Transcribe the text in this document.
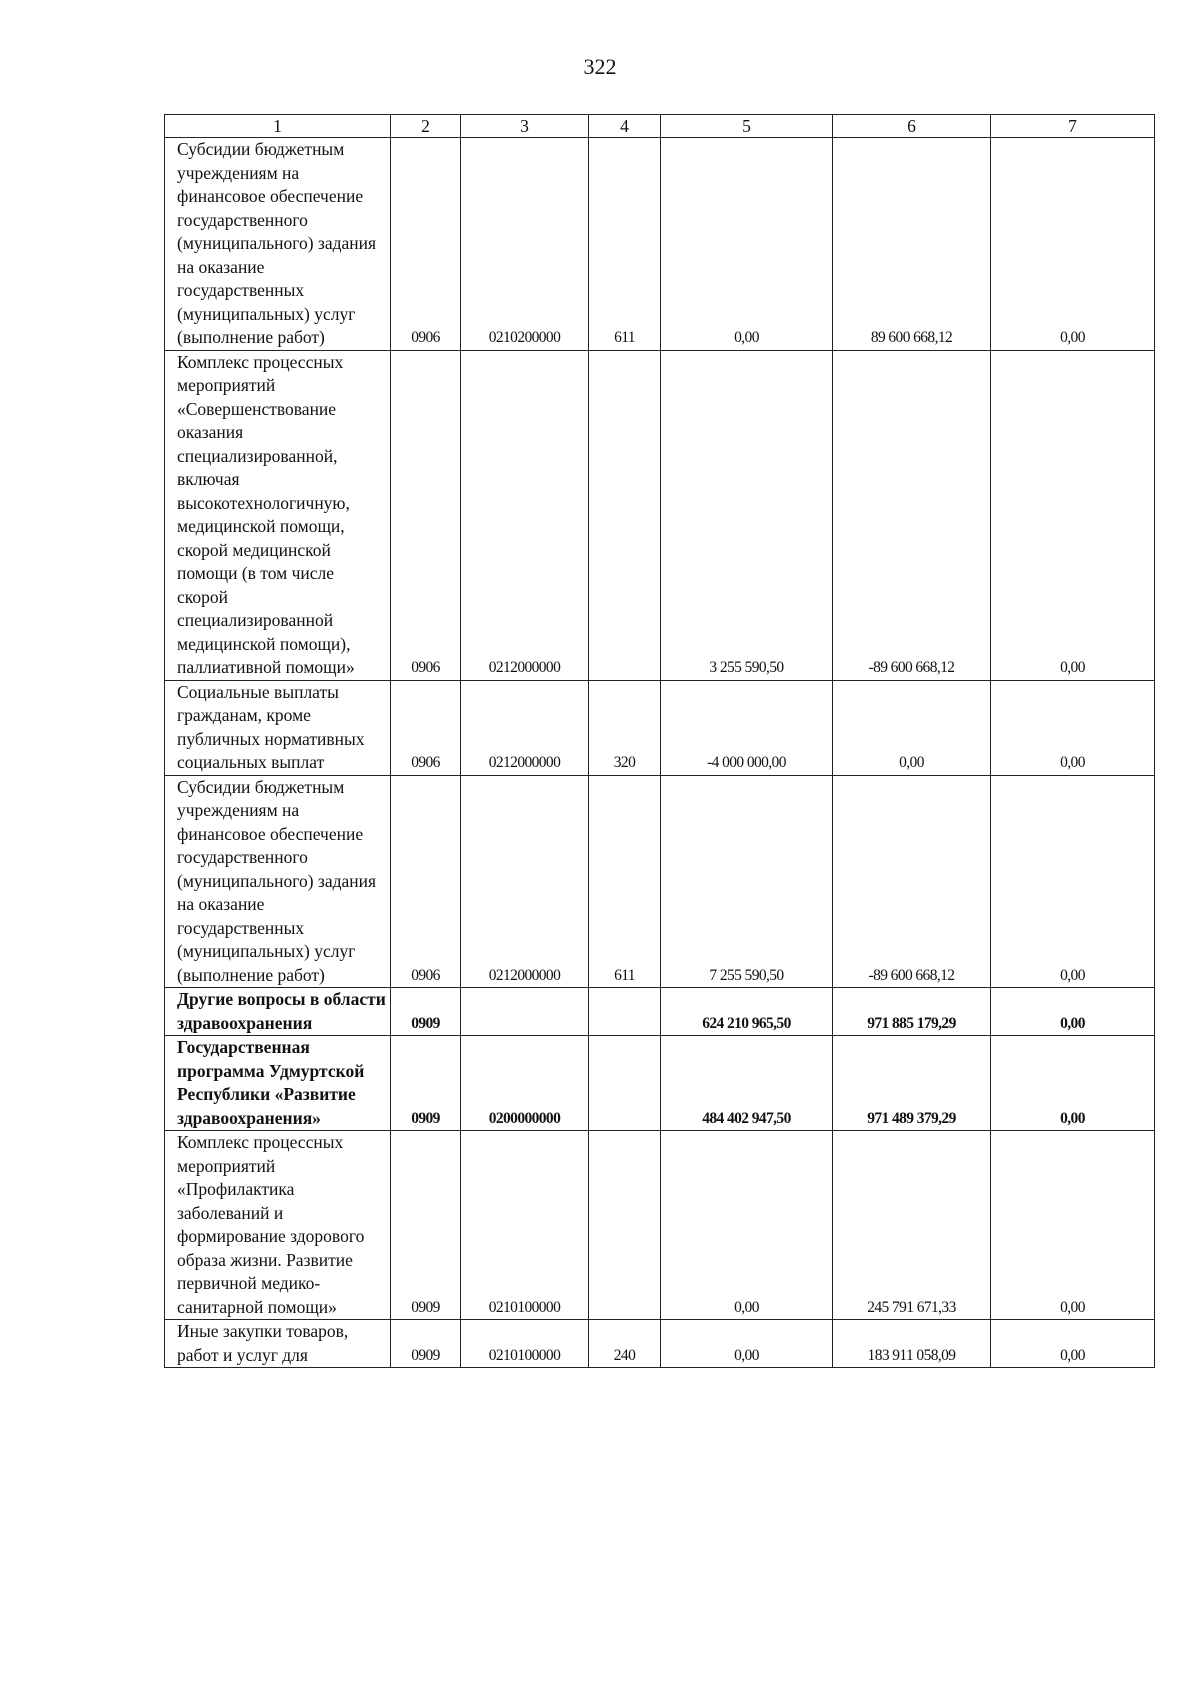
322
1	2	3	4	5	6	7
Субсидии бюджетным учреждениям на финансовое обеспечение государственного (муниципального) задания на оказание государственных (муниципальных) услуг (выполнение работ)	0906	0210200000	611	0,00	89 600 668,12	0,00
Комплекс процессных мероприятий «Совершенствование оказания специализированной, включая высокотехнологичную, медицинской помощи, скорой медицинской помощи (в том числе скорой специализированной медицинской помощи), паллиативной помощи»	0906	0212000000		3 255 590,50	-89 600 668,12	0,00
Социальные выплаты гражданам, кроме публичных нормативных социальных выплат	0906	0212000000	320	-4 000 000,00	0,00	0,00
Субсидии бюджетным учреждениям на финансовое обеспечение государственного (муниципального) задания на оказание государственных (муниципальных) услуг (выполнение работ)	0906	0212000000	611	7 255 590,50	-89 600 668,12	0,00
Другие вопросы в области здравоохранения	0909			624 210 965,50	971 885 179,29	0,00
Государственная программа Удмуртской Республики «Развитие здравоохранения»	0909	0200000000		484 402 947,50	971 489 379,29	0,00
Комплекс процессных мероприятий «Профилактика заболеваний и формирование здорового образа жизни. Развитие первичной медико-санитарной помощи»	0909	0210100000		0,00	245 791 671,33	0,00
Иные закупки товаров, работ и услуг для	0909	0210100000	240	0,00	183 911 058,09	0,00
